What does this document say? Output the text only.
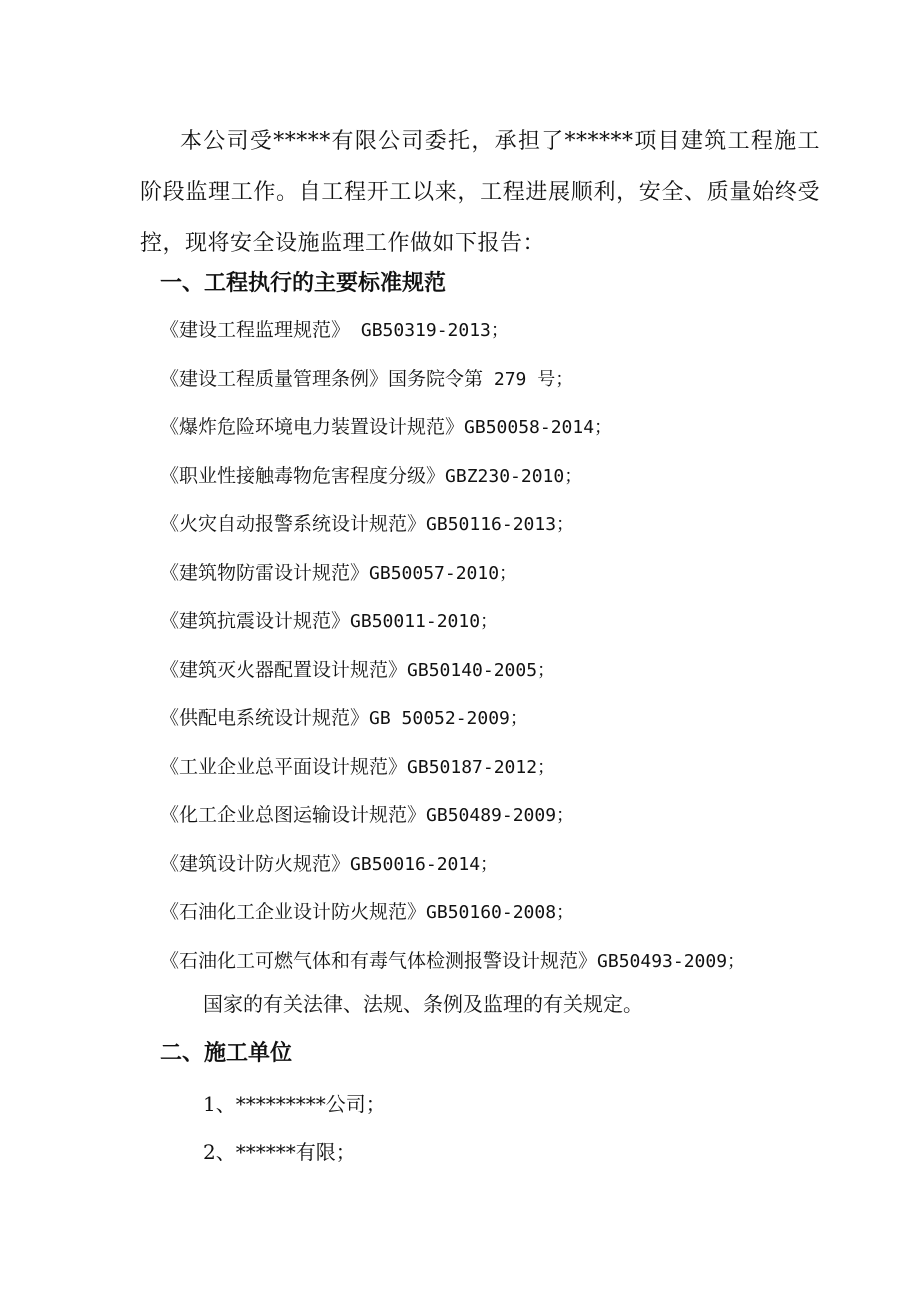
本公司受*****有限公司委托，承担了******项目建筑工程施工阶段监理工作。自工程开工以来，工程进展顺利，安全、质量始终受控，现将安全设施监理工作做如下报告：

一、工程执行的主要标准规范
《建设工程监理规范》 GB50319-2013；
《建设工程质量管理条例》国务院令第 279 号；
《爆炸危险环境电力装置设计规范》GB50058-2014；
《职业性接触毒物危害程度分级》GBZ230-2010；
《火灾自动报警系统设计规范》GB50116-2013；
《建筑物防雷设计规范》GB50057-2010；
《建筑抗震设计规范》GB50011-2010；
《建筑灭火器配置设计规范》GB50140-2005；
《供配电系统设计规范》GB 50052-2009；
《工业企业总平面设计规范》GB50187-2012；
《化工企业总图运输设计规范》GB50489-2009；
《建筑设计防火规范》GB50016-2014；
《石油化工企业设计防火规范》GB50160-2008；
《石油化工可燃气体和有毒气体检测报警设计规范》GB50493-2009；

国家的有关法律、法规、条例及监理的有关规定。

二、施工单位
1、*********公司；
2、******有限；
